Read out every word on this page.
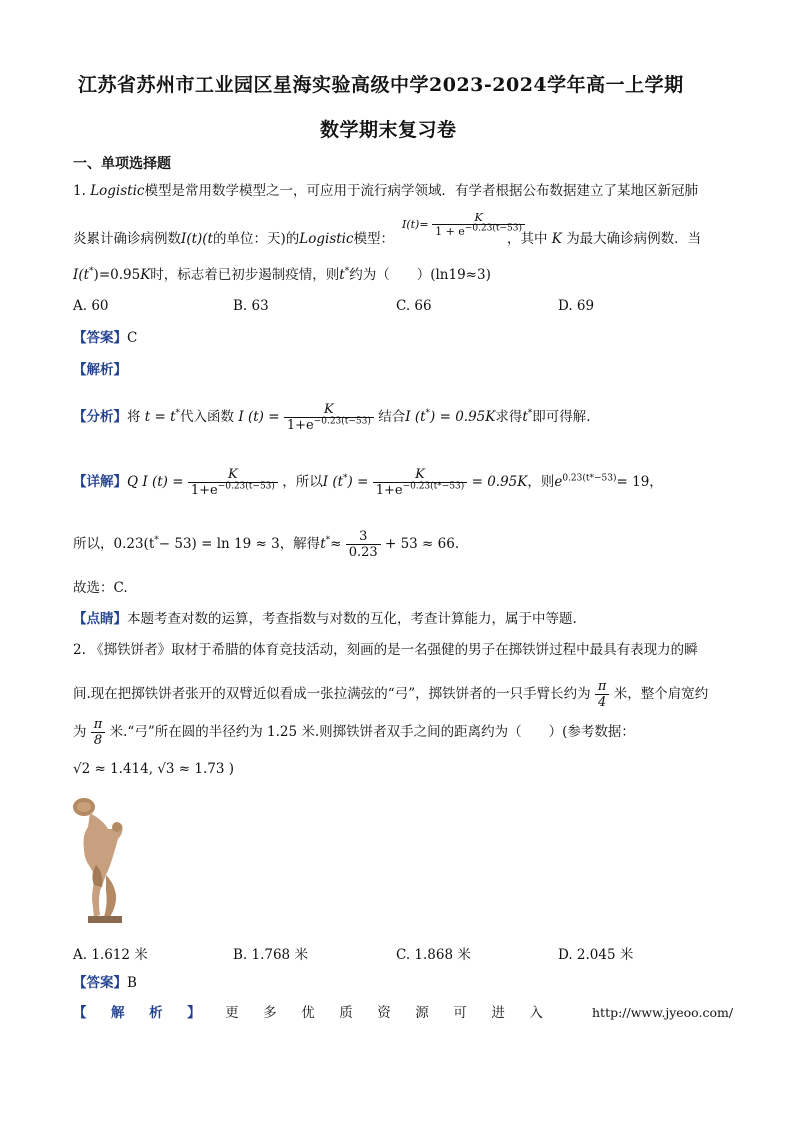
江苏省苏州市工业园区星海实验高级中学2023-2024学年高一上学期
数学期末复习卷
一、单项选择题
1. Logistic模型是常用数学模型之一，可应用于流行病学领域．有学者根据公布数据建立了某地区新冠肺
炎累计确诊病例数I(t)(t的单位：天)的Logistic模型：
$I(t)= \frac{K}{1 + e^{-0.23(t-53)}}$
，其中 K 为最大确诊病例数．当
I(t*)=0.95K时，标志着已初步遏制疫情，则t*约为（　　）(ln19≈3)
A. 60	B. 63	C. 66	D. 69
【答案】C
【解析】
【分析】将 t = t*代入函数 I $(t) = \frac{K}{1+e^{-0.23(t-53)}}$ 结合I (t*) = 0.95K求得t*即可得解.
【详解】Q I $(t) = \frac{K}{1+e^{-0.23(t-53)}}$ ，所以I $(t^*) = \frac{K}{1+e^{-0.23(t*-53)}} = 0.95K$，则$e^{0.23(t*-53)}= 19$，
所以，0.23(t*− 53) = ln 19 ≈ 3，解得$t^*\approx \frac{3}{0.23} + 53 \approx 66$.
故选：C.
【点睛】本题考查对数的运算，考查指数与对数的互化，考查计算能力，属于中等题.
2. 《掷铁饼者》取材于希腊的体育竞技活动，刻画的是一名强健的男子在掷铁饼过程中最具有表现力的瞬
间.现在把掷铁饼者张开的双臂近似看成一张拉满弦的“弓”，掷铁饼者的一只手臂长约为 $\frac{\pi}{4}$ 米，整个肩宽约
为 $\frac{\pi}{8}$ 米.“弓”所在圆的半径约为 1.25 米.则掷铁饼者双手之间的距离约为（　　）(参考数据：
√2 ≈ 1.414, √3 ≈ 1.73 )
A. 1.612 米	B. 1.768 米	C. 1.868 米	D. 2.045 米
【答案】B
【 解 析 】 更 多 优 质 资 源 可 进 入	http://www.jyeoo.com/
